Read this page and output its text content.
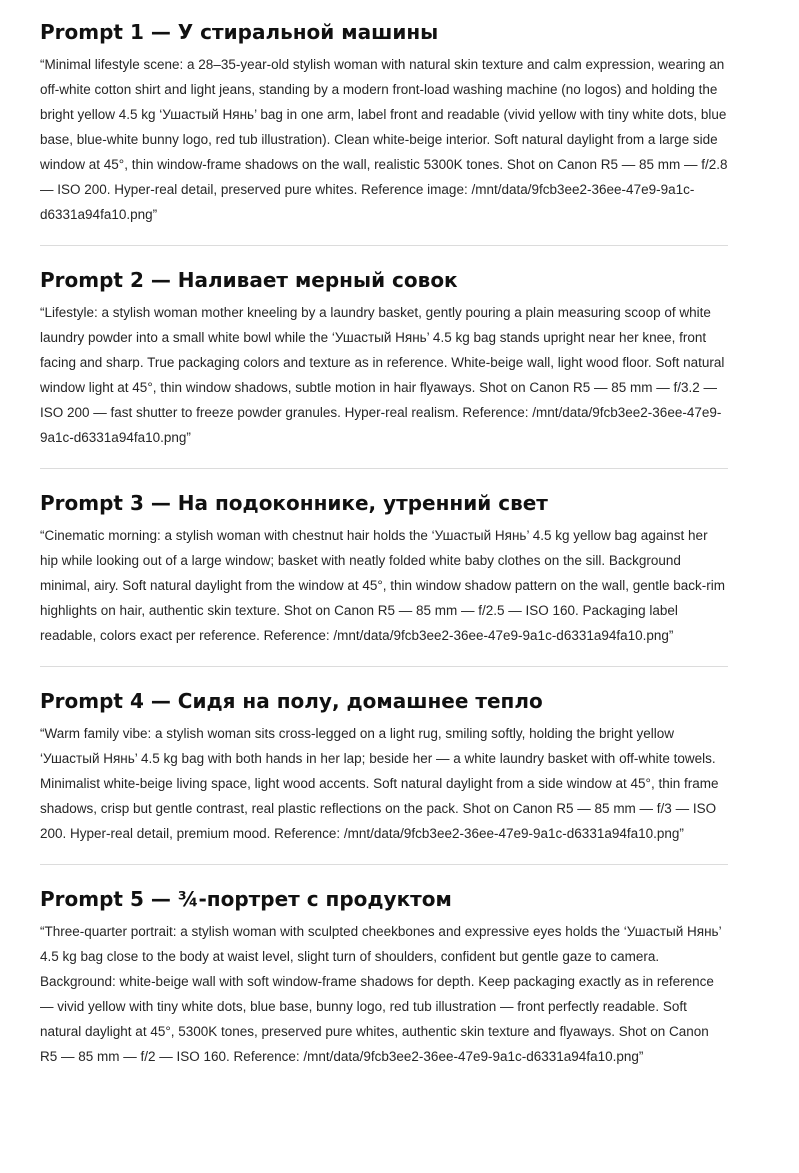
Prompt 1 — У стиральной машины

“Minimal lifestyle scene: a 28–35-year-old stylish woman with natural skin texture and calm expression, wearing an off-white cotton shirt and light jeans, standing by a modern front-load washing machine (no logos) and holding the bright yellow 4.5 kg ‘Ушастый Нянь’ bag in one arm, label front and readable (vivid yellow with tiny white dots, blue base, blue-white bunny logo, red tub illustration). Clean white-beige interior. Soft natural daylight from a large side window at 45°, thin window-frame shadows on the wall, realistic 5300K tones. Shot on Canon R5 — 85 mm — f/2.8 — ISO 200. Hyper-real detail, preserved pure whites. Reference image: /mnt/data/9fcb3ee2-36ee-47e9-9a1c-d6331a94fa10.png”

Prompt 2 — Наливает мерный совок

“Lifestyle: a stylish woman mother kneeling by a laundry basket, gently pouring a plain measuring scoop of white laundry powder into a small white bowl while the ‘Ушастый Нянь’ 4.5 kg bag stands upright near her knee, front facing and sharp. True packaging colors and texture as in reference. White-beige wall, light wood floor. Soft natural window light at 45°, thin window shadows, subtle motion in hair flyaways. Shot on Canon R5 — 85 mm — f/3.2 — ISO 200 — fast shutter to freeze powder granules. Hyper-real realism. Reference: /mnt/data/9fcb3ee2-36ee-47e9-9a1c-d6331a94fa10.png”

Prompt 3 — На подоконнике, утренний свет

“Cinematic morning: a stylish woman with chestnut hair holds the ‘Ушастый Нянь’ 4.5 kg yellow bag against her hip while looking out of a large window; basket with neatly folded white baby clothes on the sill. Background minimal, airy. Soft natural daylight from the window at 45°, thin window shadow pattern on the wall, gentle back-rim highlights on hair, authentic skin texture. Shot on Canon R5 — 85 mm — f/2.5 — ISO 160. Packaging label readable, colors exact per reference. Reference: /mnt/data/9fcb3ee2-36ee-47e9-9a1c-d6331a94fa10.png”

Prompt 4 — Сидя на полу, домашнее тепло

“Warm family vibe: a stylish woman sits cross-legged on a light rug, smiling softly, holding the bright yellow ‘Ушастый Нянь’ 4.5 kg bag with both hands in her lap; beside her — a white laundry basket with off-white towels. Minimalist white-beige living space, light wood accents. Soft natural daylight from a side window at 45°, thin frame shadows, crisp but gentle contrast, real plastic reflections on the pack. Shot on Canon R5 — 85 mm — f/3 — ISO 200. Hyper-real detail, premium mood. Reference: /mnt/data/9fcb3ee2-36ee-47e9-9a1c-d6331a94fa10.png”

Prompt 5 — ¾-портрет с продуктом

“Three-quarter portrait: a stylish woman with sculpted cheekbones and expressive eyes holds the ‘Ушастый Нянь’ 4.5 kg bag close to the body at waist level, slight turn of shoulders, confident but gentle gaze to camera. Background: white-beige wall with soft window-frame shadows for depth. Keep packaging exactly as in reference — vivid yellow with tiny white dots, blue base, bunny logo, red tub illustration — front perfectly readable. Soft natural daylight at 45°, 5300K tones, preserved pure whites, authentic skin texture and flyaways. Shot on Canon R5 — 85 mm — f/2 — ISO 160. Reference: /mnt/data/9fcb3ee2-36ee-47e9-9a1c-d6331a94fa10.png”
